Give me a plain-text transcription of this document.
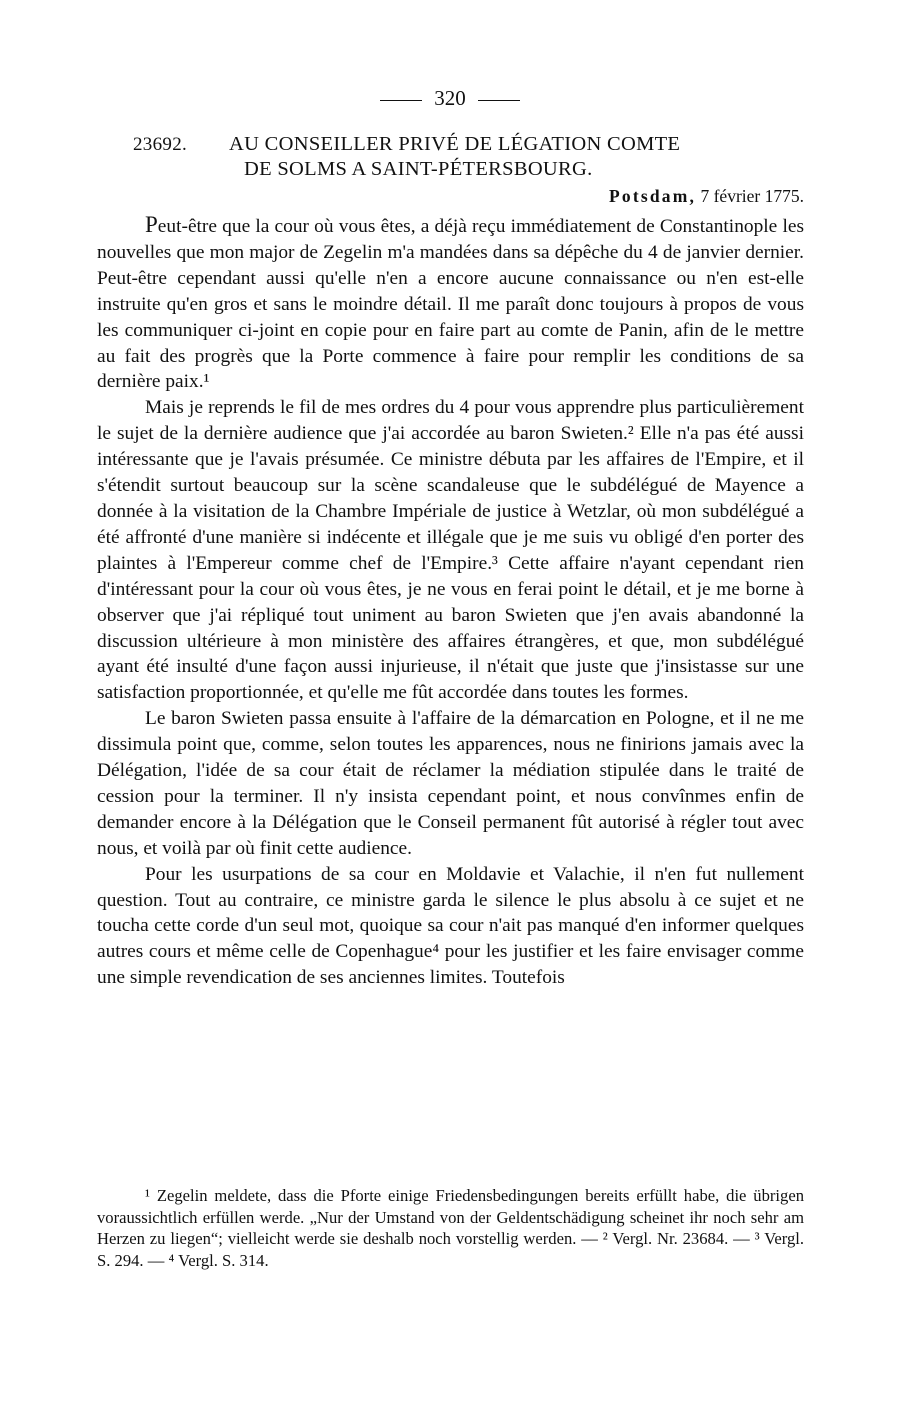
320
23692. AU CONSEILLER PRIVÉ DE LÉGATION COMTE
DE SOLMS A SAINT-PÉTERSBOURG.
Potsdam, 7 février 1775.

Peut-être que la cour où vous êtes, a déjà reçu immédiatement de Constantinople les nouvelles que mon major de Zegelin m'a mandées dans sa dépêche du 4 de janvier dernier. Peut-être cependant aussi qu'elle n'en a encore aucune connaissance ou n'en est-elle instruite qu'en gros et sans le moindre détail. Il me paraît donc toujours à propos de vous les communiquer ci-joint en copie pour en faire part au comte de Panin, afin de le mettre au fait des progrès que la Porte commence à faire pour remplir les conditions de sa dernière paix.¹

Mais je reprends le fil de mes ordres du 4 pour vous apprendre plus particulièrement le sujet de la dernière audience que j'ai accordée au baron Swieten.² Elle n'a pas été aussi intéressante que je l'avais présumée. Ce ministre débuta par les affaires de l'Empire, et il s'étendit surtout beaucoup sur la scène scandaleuse que le subdélégué de Mayence a donnée à la visitation de la Chambre Impériale de justice à Wetzlar, où mon subdélégué a été affronté d'une manière si indécente et illégale que je me suis vu obligé d'en porter des plaintes à l'Empereur comme chef de l'Empire.³ Cette affaire n'ayant cependant rien d'intéressant pour la cour où vous êtes, je ne vous en ferai point le détail, et je me borne à observer que j'ai répliqué tout uniment au baron Swieten que j'en avais abandonné la discussion ultérieure à mon ministère des affaires étrangères, et que, mon subdélégué ayant été insulté d'une façon aussi injurieuse, il n'était que juste que j'insistasse sur une satisfaction proportionnée, et qu'elle me fût accordée dans toutes les formes.

Le baron Swieten passa ensuite à l'affaire de la démarcation en Pologne, et il ne me dissimula point que, comme, selon toutes les apparences, nous ne finirions jamais avec la Délégation, l'idée de sa cour était de réclamer la médiation stipulée dans le traité de cession pour la terminer. Il n'y insista cependant point, et nous convînmes enfin de demander encore à la Délégation que le Conseil permanent fût autorisé à régler tout avec nous, et voilà par où finit cette audience.

Pour les usurpations de sa cour en Moldavie et Valachie, il n'en fut nullement question. Tout au contraire, ce ministre garda le silence le plus absolu à ce sujet et ne toucha cette corde d'un seul mot, quoique sa cour n'ait pas manqué d'en informer quelques autres cours et même celle de Copenhague⁴ pour les justifier et les faire envisager comme une simple revendication de ses anciennes limites. Toutefois

¹ Zegelin meldete, dass die Pforte einige Friedensbedingungen bereits erfüllt habe, die übrigen voraussichtlich erfüllen werde. „Nur der Umstand von der Geldentschädigung scheinet ihr noch sehr am Herzen zu liegen“; vielleicht werde sie deshalb noch vorstellig werden. — ² Vergl. Nr. 23684. — ³ Vergl. S. 294. — ⁴ Vergl. S. 314.
